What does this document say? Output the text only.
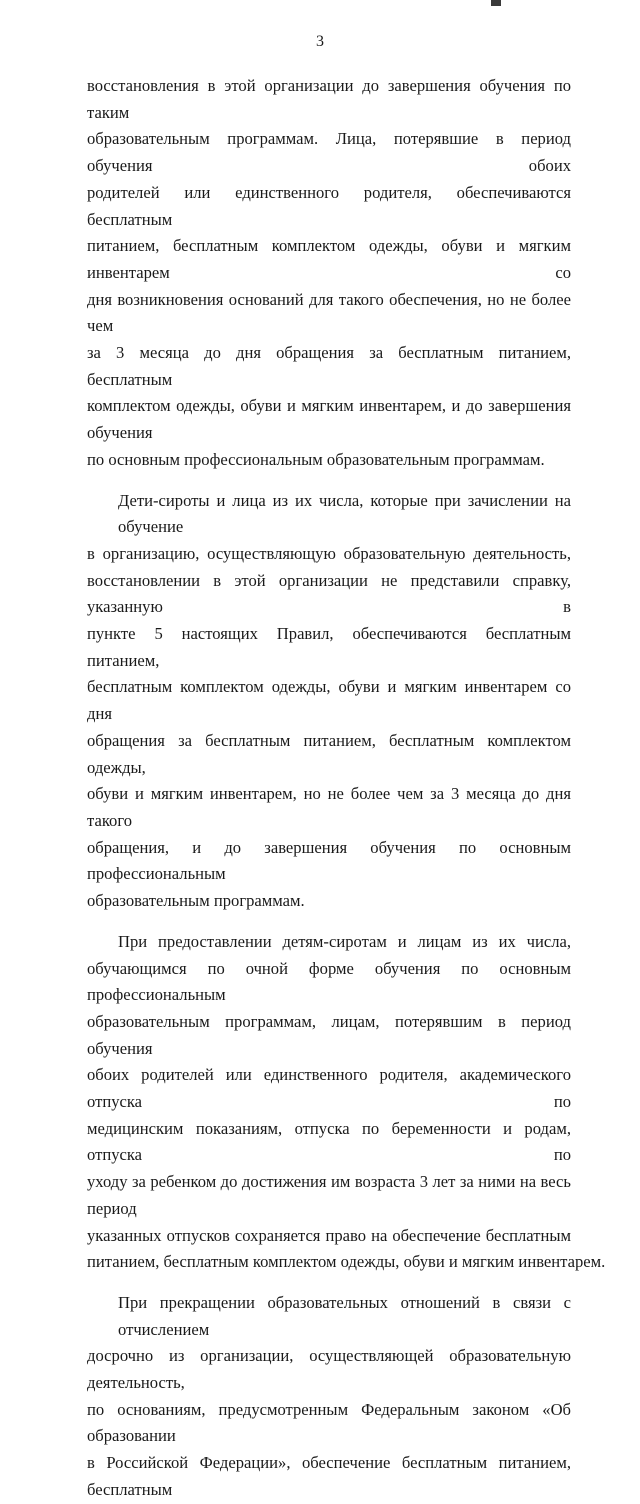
3
восстановления в этой организации до завершения обучения по таким
образовательным программам. Лица, потерявшие в период обучения обоих
родителей или единственного родителя, обеспечиваются бесплатным
питанием, бесплатным комплектом одежды, обуви и мягким инвентарем со
дня возникновения оснований для такого обеспечения, но не более чем
за 3 месяца до дня обращения за бесплатным питанием, бесплатным
комплектом одежды, обуви и мягким инвентарем, и до завершения обучения
по основным профессиональным образовательным программам.
Дети-сироты и лица из их числа, которые при зачислении на обучение
в организацию, осуществляющую образовательную деятельность,
восстановлении в этой организации не представили справку, указанную в
пункте 5 настоящих Правил, обеспечиваются бесплатным питанием,
бесплатным комплектом одежды, обуви и мягким инвентарем со дня
обращения за бесплатным питанием, бесплатным комплектом одежды,
обуви и мягким инвентарем, но не более чем за 3 месяца до дня такого
обращения, и до завершения обучения по основным профессиональным
образовательным программам.
При предоставлении детям-сиротам и лицам из их числа,
обучающимся по очной форме обучения по основным профессиональным
образовательным программам, лицам, потерявшим в период обучения
обоих родителей или единственного родителя, академического отпуска по
медицинским показаниям, отпуска по беременности и родам, отпуска по
уходу за ребенком до достижения им возраста 3 лет за ними на весь период
указанных отпусков сохраняется право на обеспечение бесплатным
питанием, бесплатным комплектом одежды, обуви и мягким инвентарем.
При прекращении образовательных отношений в связи с отчислением
досрочно из организации, осуществляющей образовательную деятельность,
по основаниям, предусмотренным Федеральным законом «Об образовании
в Российской Федерации», обеспечение бесплатным питанием, бесплатным
